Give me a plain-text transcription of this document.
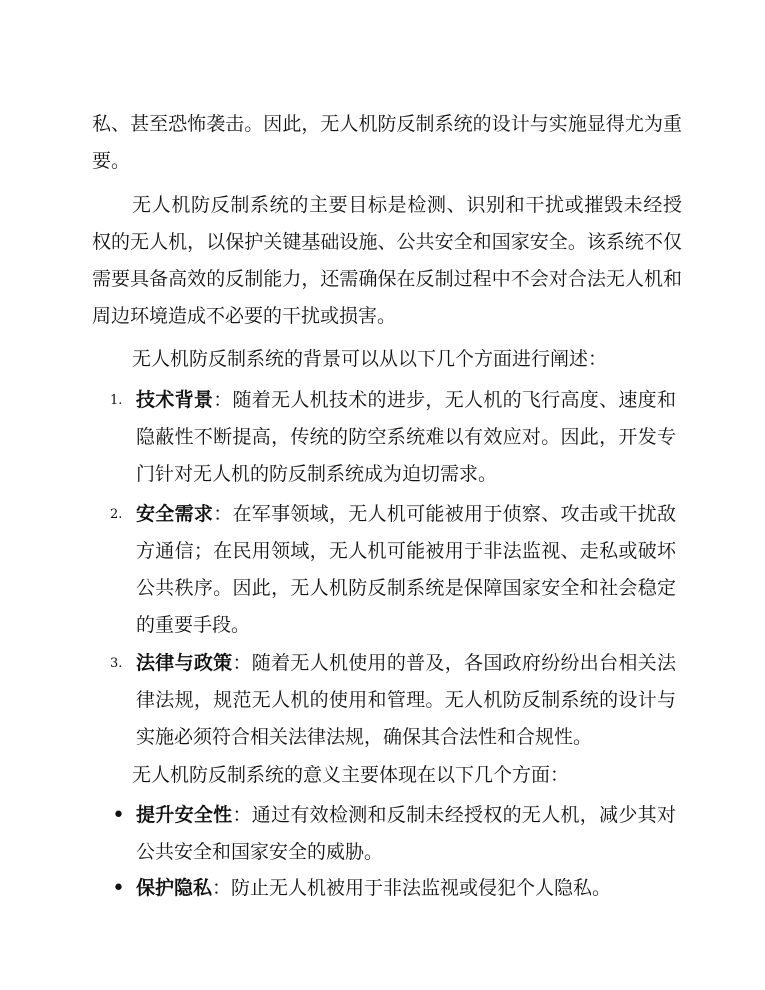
私、甚至恐怖袭击。因此，无人机防反制系统的设计与实施显得尤为重要。

无人机防反制系统的主要目标是检测、识别和干扰或摧毁未经授权的无人机，以保护关键基础设施、公共安全和国家安全。该系统不仅需要具备高效的反制能力，还需确保在反制过程中不会对合法无人机和周边环境造成不必要的干扰或损害。

无人机防反制系统的背景可以从以下几个方面进行阐述：

1. 技术背景：随着无人机技术的进步，无人机的飞行高度、速度和隐蔽性不断提高，传统的防空系统难以有效应对。因此，开发专门针对无人机的防反制系统成为迫切需求。
2. 安全需求：在军事领域，无人机可能被用于侦察、攻击或干扰敌方通信；在民用领域，无人机可能被用于非法监视、走私或破坏公共秩序。因此，无人机防反制系统是保障国家安全和社会稳定的重要手段。
3. 法律与政策：随着无人机使用的普及，各国政府纷纷出台相关法律法规，规范无人机的使用和管理。无人机防反制系统的设计与实施必须符合相关法律法规，确保其合法性和合规性。

无人机防反制系统的意义主要体现在以下几个方面：

• 提升安全性：通过有效检测和反制未经授权的无人机，减少其对公共安全和国家安全的威胁。
• 保护隐私：防止无人机被用于非法监视或侵犯个人隐私。
